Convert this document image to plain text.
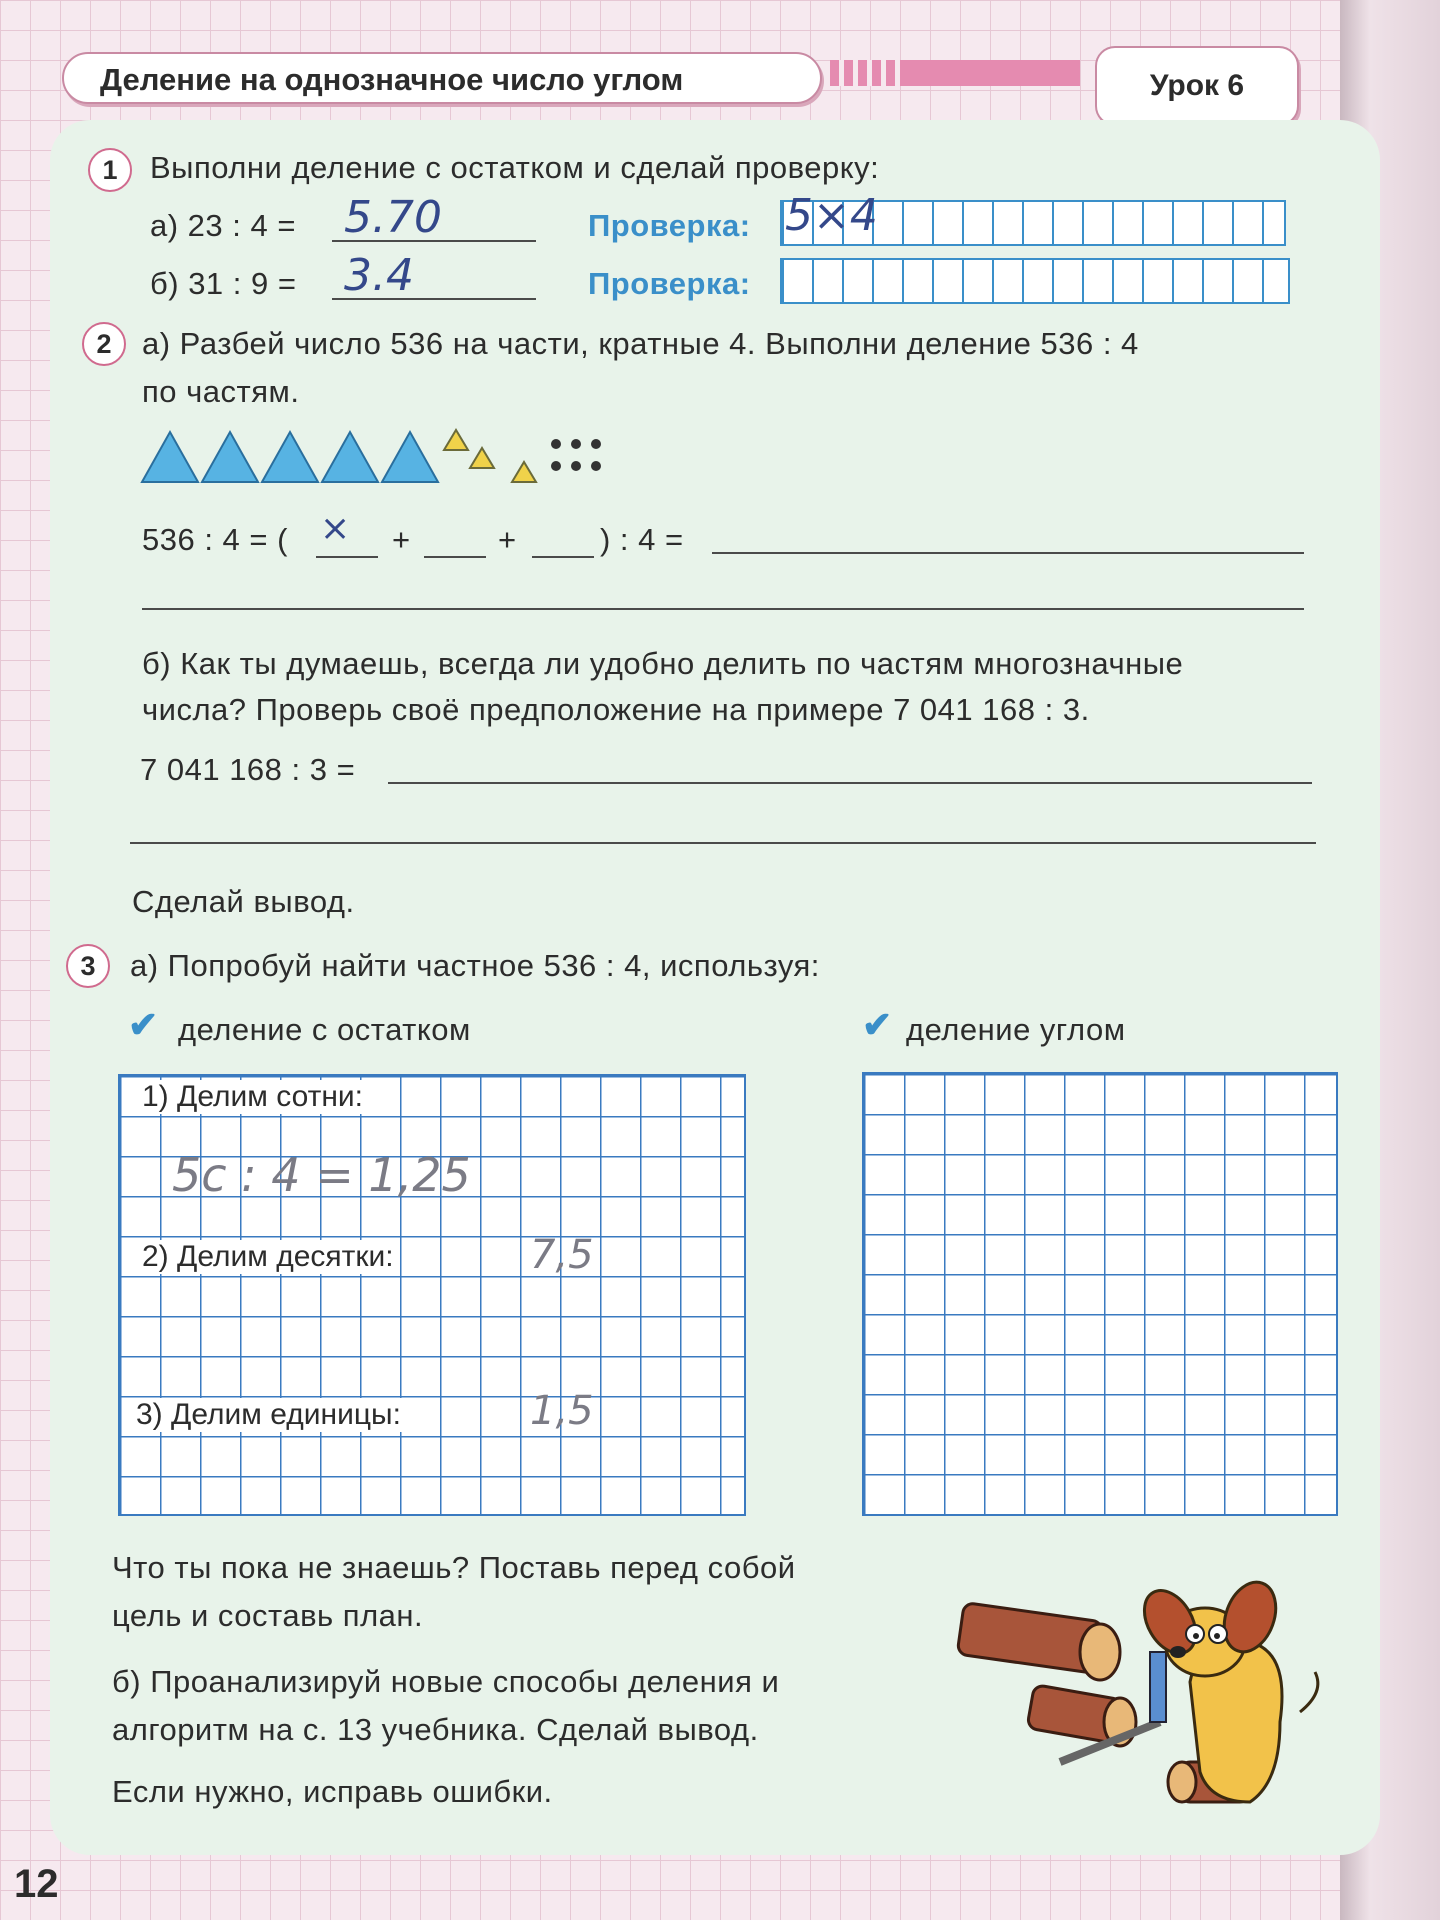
Деление на однозначное число углом	Урок 6
1	Выполни деление с остатком и сделай проверку:
а) 23 : 4 = 5.70	Проверка: 5×4
б) 31 : 9 = 3.4	Проверка:
2 а) Разбей число 536 на части, кратные 4. Выполни деление 536 : 4
по частям.
536 : 4 = ( × +	+	) : 4 =
б) Как ты думаешь, всегда ли удобно делить по частям многозначные
числа? Проверь своё предположение на примере 7 041 168 : 3.
7 041 168 : 3 =
Сделай вывод.
3	а) Попробуй найти частное 536 : 4, используя:
✔ деление с остатком	✔ деление углом
1) Делим сотни:
5с : 4 = 1,25
2) Делим десятки:	7,5
3) Делим единицы:	1,5
Что ты пока не знаешь? Поставь перед собой
цель и составь план.
б) Проанализируй новые способы деления и
алгоритм на с. 13 учебника. Сделай вывод.
Если нужно, исправь ошибки.
12
